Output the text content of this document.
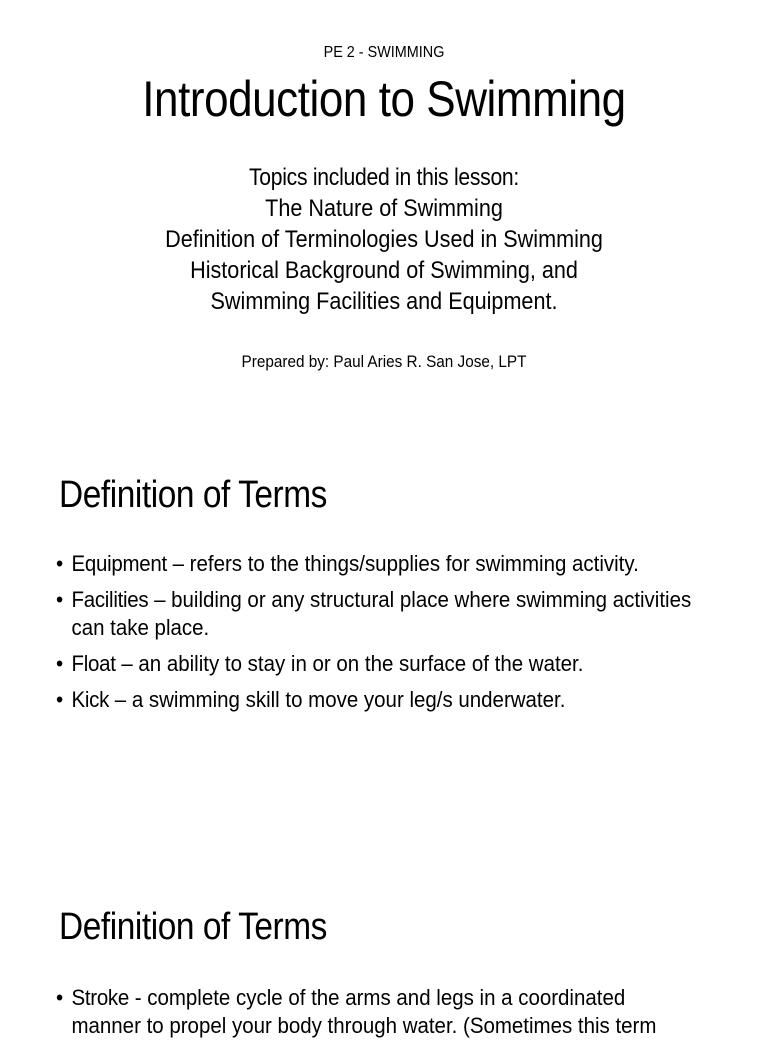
PE 2 - SWIMMING
Introduction to Swimming
Topics included in this lesson:
The Nature of Swimming
Definition of Terminologies Used in Swimming
Historical Background of Swimming, and
Swimming Facilities and Equipment.
Prepared by: Paul Aries R. San Jose, LPT
Definition of Terms
• Equipment – refers to the things/supplies for swimming activity.
• Facilities – building or any structural place where swimming activities can take place.
• Float – an ability to stay in or on the surface of the water.
• Kick – a swimming skill to move your leg/s underwater.
Definition of Terms
• Stroke - complete cycle of the arms and legs in a coordinated manner to propel your body through water. (Sometimes this term
